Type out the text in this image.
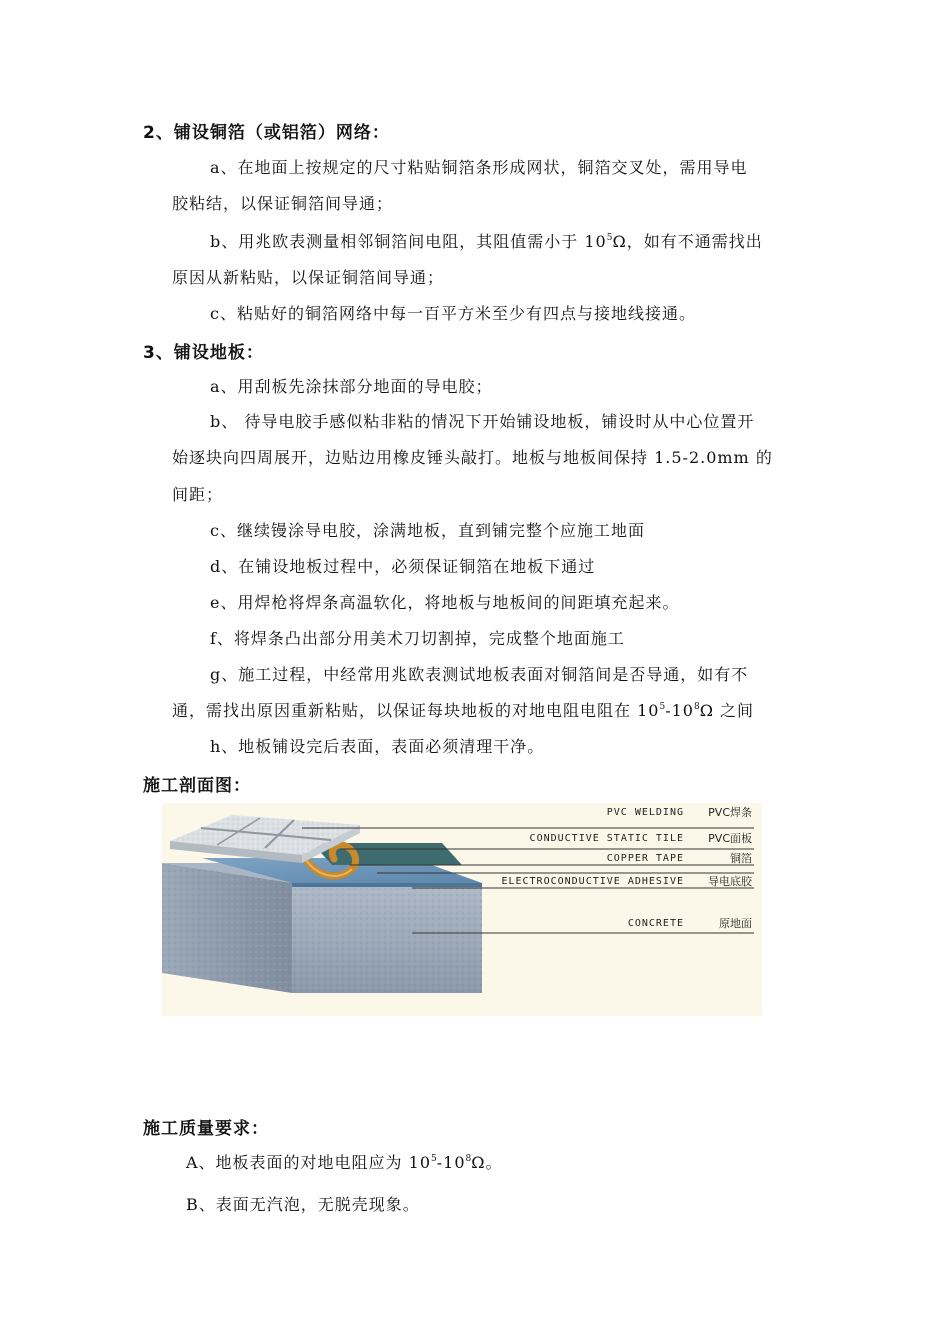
2、铺设铜箔（或铝箔）网络：
a、在地面上按规定的尺寸粘贴铜箔条形成网状，铜箔交叉处，需用导电
胶粘结，以保证铜箔间导通；
b、用兆欧表测量相邻铜箔间电阻，其阻值需小于 $10^5\Omega$，如有不通需找出
原因从新粘贴，以保证铜箔间导通；
c、粘贴好的铜箔网络中每一百平方米至少有四点与接地线接通。
3、铺设地板：
a、用刮板先涂抹部分地面的导电胶；
b、 待导电胶手感似粘非粘的情况下开始铺设地板，铺设时从中心位置开
始逐块向四周展开，边贴边用橡皮锤头敲打。地板与地板间保持 1.5-2.0mm 的
间距；
c、继续镘涂导电胶，涂满地板，直到铺完整个应施工地面
d、在铺设地板过程中，必须保证铜箔在地板下通过
e、用焊枪将焊条高温软化，将地板与地板间的间距填充起来。
f、将焊条凸出部分用美术刀切割掉，完成整个地面施工
g、施工过程，中经常用兆欧表测试地板表面对铜箔间是否导通，如有不
通，需找出原因重新粘贴，以保证每块地板的对地电阻电阻在 $10^5-10^8\Omega$ 之间
h、地板铺设完后表面，表面必须清理干净。
施工剖面图：
PVC WELDING PVC焊条
CONDUCTIVE STATIC TILE PVC面板
COPPER TAPE	铜箔
ELECTROCONDUCTIVE ADHESIVE 导电底胶
CONCRETE	原地面
施工质量要求：
A、地板表面的对地电阻应为 $10^5-10^8\Omega$。
B、表面无汽泡，无脱壳现象。
